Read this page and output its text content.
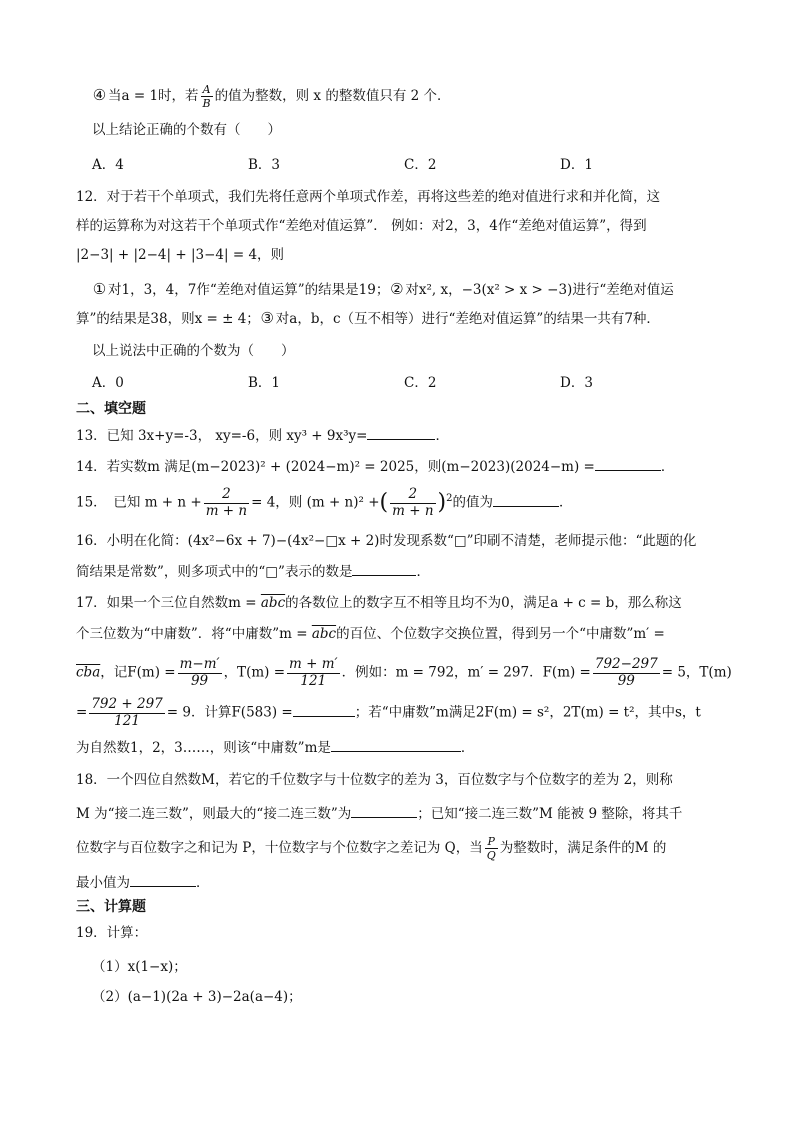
④ 当a = 1时，若 $\frac{A}{B}$ 的值为整数，则 x 的整数值只有 2 个．
以上结论正确的个数有（　　）
A．4	B．3	C．2	D．1
12．对于若干个单项式，我们先将任意两个单项式作差，再将这些差的绝对值进行求和并化简，这
样的运算称为对这若干个单项式作“差绝对值运算”． 例如：对2，3，4作“差绝对值运算”，得到
|2−3| + |2−4| + |3−4| = 4，则
① 对1，3，4，7作“差绝对值运算”的结果是19；② 对x², x，−3(x² > x > −3)进行“差绝对值运
算”的结果是38，则x = ± 4；③ 对a，b，c（互不相等）进行“差绝对值运算”的结果一共有7种．
以上说法中正确的个数为（　　）
A．0	B．1	C．2	D．3
二、填空题
13．已知 3x+y=-3， xy=-6，则 xy³ + 9x³y=	．
14．若实数m 满足(m−2023)² + (2024−m)² = 2025，则(m−2023)(2024−m) =	．
15．　已知 $m + n + \frac{2}{m + n} = 4$，则 (m + n)² +( $\frac{2}{m + n} )^2$的值为	．
16．小明在化简：(4x²−6x + 7)−(4x²−□x + 2)时发现系数“□”印刷不清楚，老师提示他：“此题的化
简结果是常数”，则多项式中的“□”表示的数是	．
17．如果一个三位自然数$m = \overline{abc}$的各数位上的数字互不相等且均不为0，满足a + c = b，那么称这
个三位数为“中庸数”．将“中庸数”m = $\overline{abc}$的百位、个位数字交换位置，得到另一个“中庸数”m′ =
$\overline{cba}$，记$F(m) = \frac{m-m'}{99}$ ，$T(m) = \frac{m + m'}{121}$ ．例如：m = 792，m′ = 297．$F(m) = \frac{792-297}{99} = 5$，T(m)
= $\frac{792 + 297}{121} = 9$．计算F(583) =	；若“中庸数”m满足2F(m) = s²，2T(m) = t²，其中s，t
为自然数1，2，3……，则该“中庸数”m是	．
18．一个四位自然数M，若它的千位数字与十位数字的差为 3，百位数字与个位数字的差为 2，则称
M 为“接二连三数”，则最大的“接二连三数”为	；已知“接二连三数”M 能被 9 整除，将其千
位数字与百位数字之和记为 P，十位数字与个位数字之差记为 Q，当 $\frac{P}{Q}$ 为整数时，满足条件的M 的
最小值为	．
三、计算题
19．计算：
（1）x(1−x)；
（2）(a−1)(2a + 3)−2a(a−4)；
